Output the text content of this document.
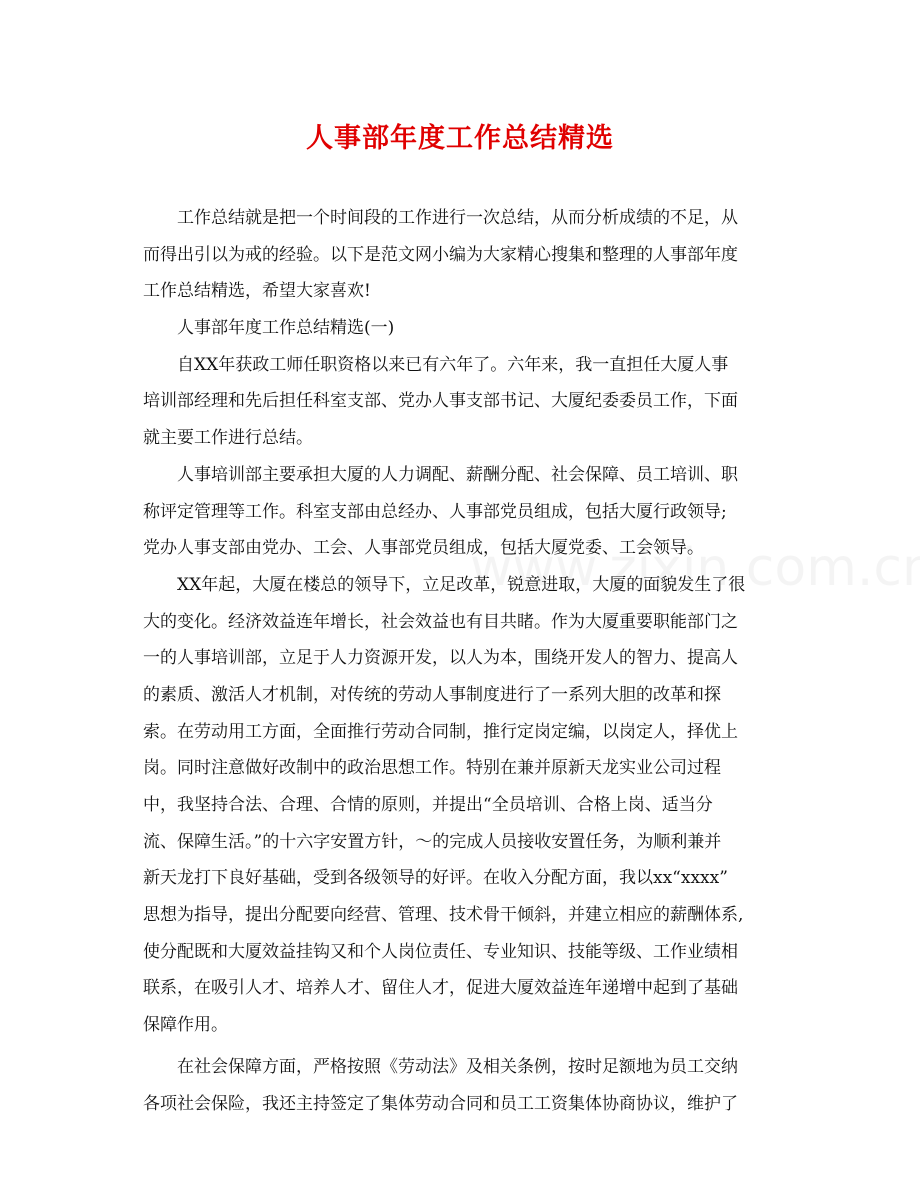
人事部年度工作总结精选
工作总结就是把一个时间段的工作进行一次总结，从而分析成绩的不足，从
而得出引以为戒的经验。以下是范文网小编为大家精心搜集和整理的人事部年度
工作总结精选，希望大家喜欢!
人事部年度工作总结精选(一)
自XX年获政工师任职资格以来已有六年了。六年来，我一直担任大厦人事
培训部经理和先后担任科室支部、党办人事支部书记、大厦纪委委员工作，下面
就主要工作进行总结。
人事培训部主要承担大厦的人力调配、薪酬分配、社会保障、员工培训、职
称评定管理等工作。科室支部由总经办、人事部党员组成，包括大厦行政领导;
党办人事支部由党办、工会、人事部党员组成，包括大厦党委、工会领导。
XX年起，大厦在楼总的领导下，立足改革，锐意进取，大厦的面貌发生了很
大的变化。经济效益连年增长，社会效益也有目共睹。作为大厦重要职能部门之
一的人事培训部，立足于人力资源开发，以人为本，围绕开发人的智力、提高人
的素质、激活人才机制，对传统的劳动人事制度进行了一系列大胆的改革和探
索。在劳动用工方面，全面推行劳动合同制，推行定岗定编，以岗定人，择优上
岗。同时注意做好改制中的政治思想工作。特别在兼并原新天龙实业公司过程
中，我坚持合法、合理、合情的原则，并提出“全员培训、合格上岗、适当分
流、保障生活。”的十六字安置方针，～的完成人员接收安置任务，为顺利兼并
新天龙打下良好基础，受到各级领导的好评。在收入分配方面，我以xx“xxxx”
思想为指导，提出分配要向经营、管理、技术骨干倾斜，并建立相应的薪酬体系,
使分配既和大厦效益挂钩又和个人岗位责任、专业知识、技能等级、工作业绩相
联系，在吸引人才、培养人才、留住人才，促进大厦效益连年递增中起到了基础
保障作用。
在社会保障方面，严格按照《劳动法》及相关条例，按时足额地为员工交纳
各项社会保险，我还主持签定了集体劳动合同和员工工资集体协商协议，维护了
